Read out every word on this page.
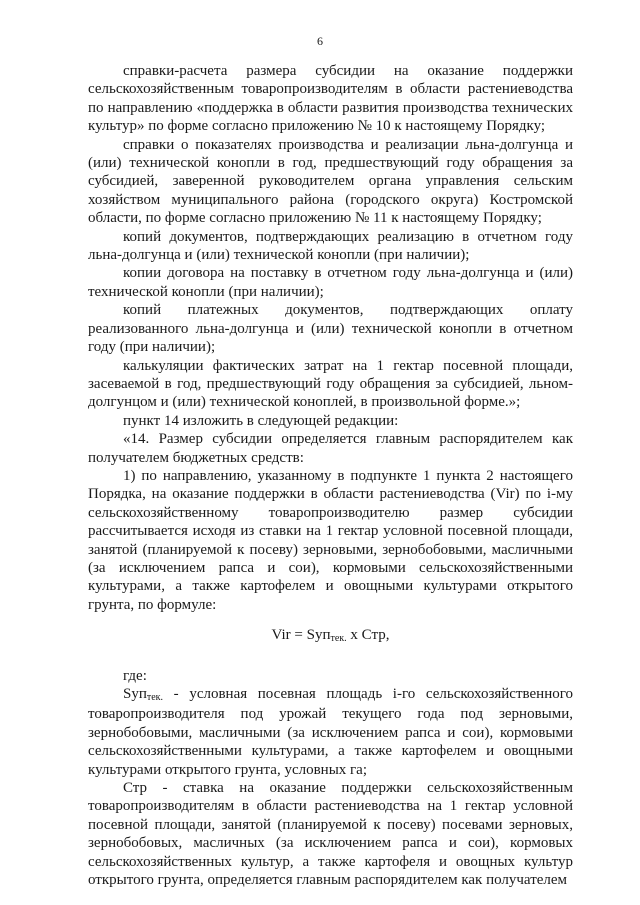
6

справки-расчета размера субсидии на оказание поддержки сельскохозяйственным товаропроизводителям в области растениеводства по направлению «поддержка в области развития производства технических культур» по форме согласно приложению № 10 к настоящему Порядку;

справки о показателях производства и реализации льна-долгунца и (или) технической конопли в год, предшествующий году обращения за субсидией, заверенной руководителем органа управления сельским хозяйством муниципального района (городского округа) Костромской области, по форме согласно приложению № 11 к настоящему Порядку;

копий документов, подтверждающих реализацию в отчетном году льна-долгунца и (или) технической конопли (при наличии);

копии договора на поставку в отчетном году льна-долгунца и (или) технической конопли (при наличии);

копий платежных документов, подтверждающих оплату реализованного льна-долгунца и (или) технической конопли в отчетном году (при наличии);

калькуляции фактических затрат на 1 гектар посевной площади, засеваемой в год, предшествующий году обращения за субсидией, льном-долгунцом и (или) технической коноплей, в произвольной форме.»;

пункт 14 изложить в следующей редакции:

«14. Размер субсидии определяется главным распорядителем как получателем бюджетных средств:

1) по направлению, указанному в подпункте 1 пункта 2 настоящего Порядка, на оказание поддержки в области растениеводства (Vir) по i-му сельскохозяйственному товаропроизводителю размер субсидии рассчитывается исходя из ставки на 1 гектар условной посевной площади, занятой (планируемой к посеву) зерновыми, зернобобовыми, масличными (за исключением рапса и сои), кормовыми сельскохозяйственными культурами, а также картофелем и овощными культурами открытого грунта, по формуле:

Vir = Syп$_{тек.}$ x Стр,

где:

Syп$_{тек.}$ - условная посевная площадь i-го сельскохозяйственного товаропроизводителя под урожай текущего года под зерновыми, зернобобовыми, масличными (за исключением рапса и сои), кормовыми сельскохозяйственными культурами, а также картофелем и овощными культурами открытого грунта, условных га;

Стр - ставка на оказание поддержки сельскохозяйственным товаропроизводителям в области растениеводства на 1 гектар условной посевной площади, занятой (планируемой к посеву) посевами зерновых, зернобобовых, масличных (за исключением рапса и сои), кормовых сельскохозяйственных культур, а также картофеля и овощных культур открытого грунта, определяется главным распорядителем как получателем
